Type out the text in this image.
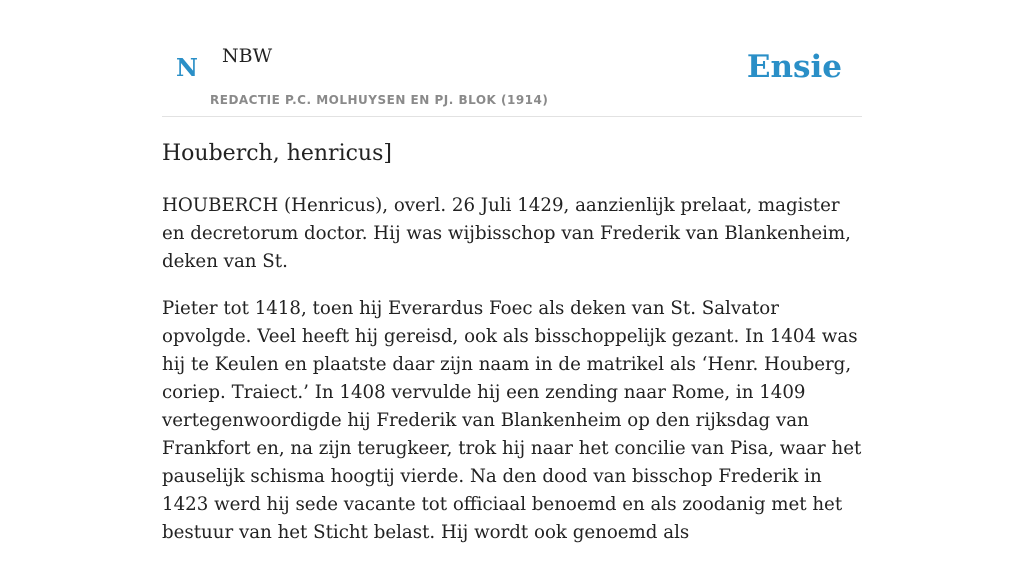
N NBW
REDACTIE P.C. MOLHUYSEN EN PJ. BLOK (1914)
Ensie
Houberch, henricus]

HOUBERCH (Henricus), overl. 26 Juli 1429, aanzienlijk prelaat, magister en decretorum doctor. Hij was wijbisschop van Frederik van Blankenheim, deken van St.

Pieter tot 1418, toen hij Everardus Foec als deken van St. Salvator opvolgde. Veel heeft hij gereisd, ook als bisschoppelijk gezant. In 1404 was hij te Keulen en plaatste daar zijn naam in de matrikel als ‘Henr. Houberg, coriep. Traiect.’ In 1408 vervulde hij een zending naar Rome, in 1409 vertegenwoordigde hij Frederik van Blankenheim op den rijksdag van Frankfort en, na zijn terugkeer, trok hij naar het concilie van Pisa, waar het pauselijk schisma hoogtij vierde. Na den dood van bisschop Frederik in 1423 werd hij sede vacante tot officiaal benoemd en als zoodanig met het bestuur van het Sticht belast. Hij wordt ook genoemd als
